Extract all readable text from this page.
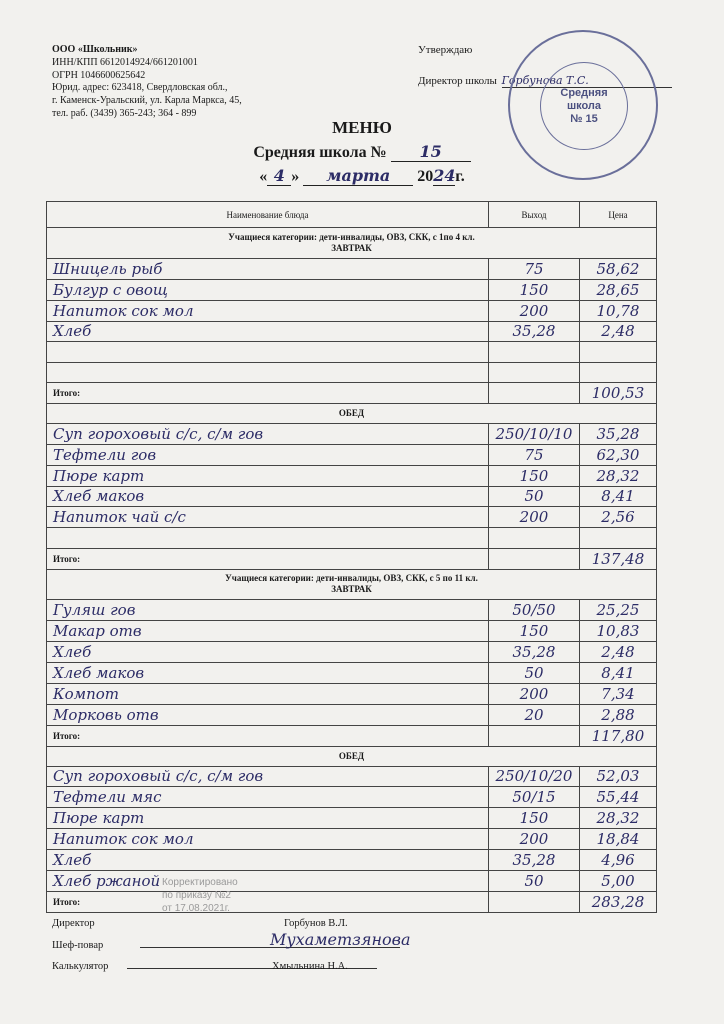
ООО «Школьник»
ИНН/КПП 6612014924/661201001
ОГРН 1046600625642
Юрид. адрес: 623418, Свердловская обл.,
г. Каменск-Уральский, ул. Карла Маркса, 45,
тел. раб. (3439) 365-243; 364 - 899
Утверждаю
Директор школы Горбунова Т.С.
Средняя
школа
№ 15
МЕНЮ
Средняя школа № 15
« 4 » марта 2024г.
Наименование блюда	Выход	Цена

Учащиеся категории: дети-инвалиды, ОВЗ, СКК, с 1по 4 кл.
ЗАВТРАК		

Шницель рыб	75	58,62
Булгур с овощ	150	28,65
Напиток сок мол	200	10,78
Хлеб	35,28	2,48

Итого:		100,53
ОБЕД		
Суп гороховый с/с, с/м гов	250/10/10	35,28
Тефтели гов	75	62,30
Пюре карт	150	28,32
Хлеб маков	50	8,41
Напиток чай с/с	200	2,56

Итого:		137,48

Учащиеся категории: дети-инвалиды, ОВЗ, СКК, с 5 по 11 кл.
ЗАВТРАК		

Гуляш гов	50/50	25,25
Макар отв	150	10,83
Хлеб	35,28	2,48
Хлеб маков	50	8,41
Компот	200	7,34
Морковь отв	20	2,88
Итого:		117,80
ОБЕД		
Суп гороховый с/с, с/м гов	250/10/20	52,03
Тефтели мяс	50/15	55,44
Пюре карт	150	28,32
Напиток сок мол	200	18,84
Хлеб	35,28	4,96
Хлеб ржаной	50	5,00
Итого:		283,28
Корректировано
по приказу №2
от 17.08.2021г.
Директор	Горбунов В.Л.
Шеф-повар	Мухаметзянова
Калькулятор	Хмыльнина Н.А.
